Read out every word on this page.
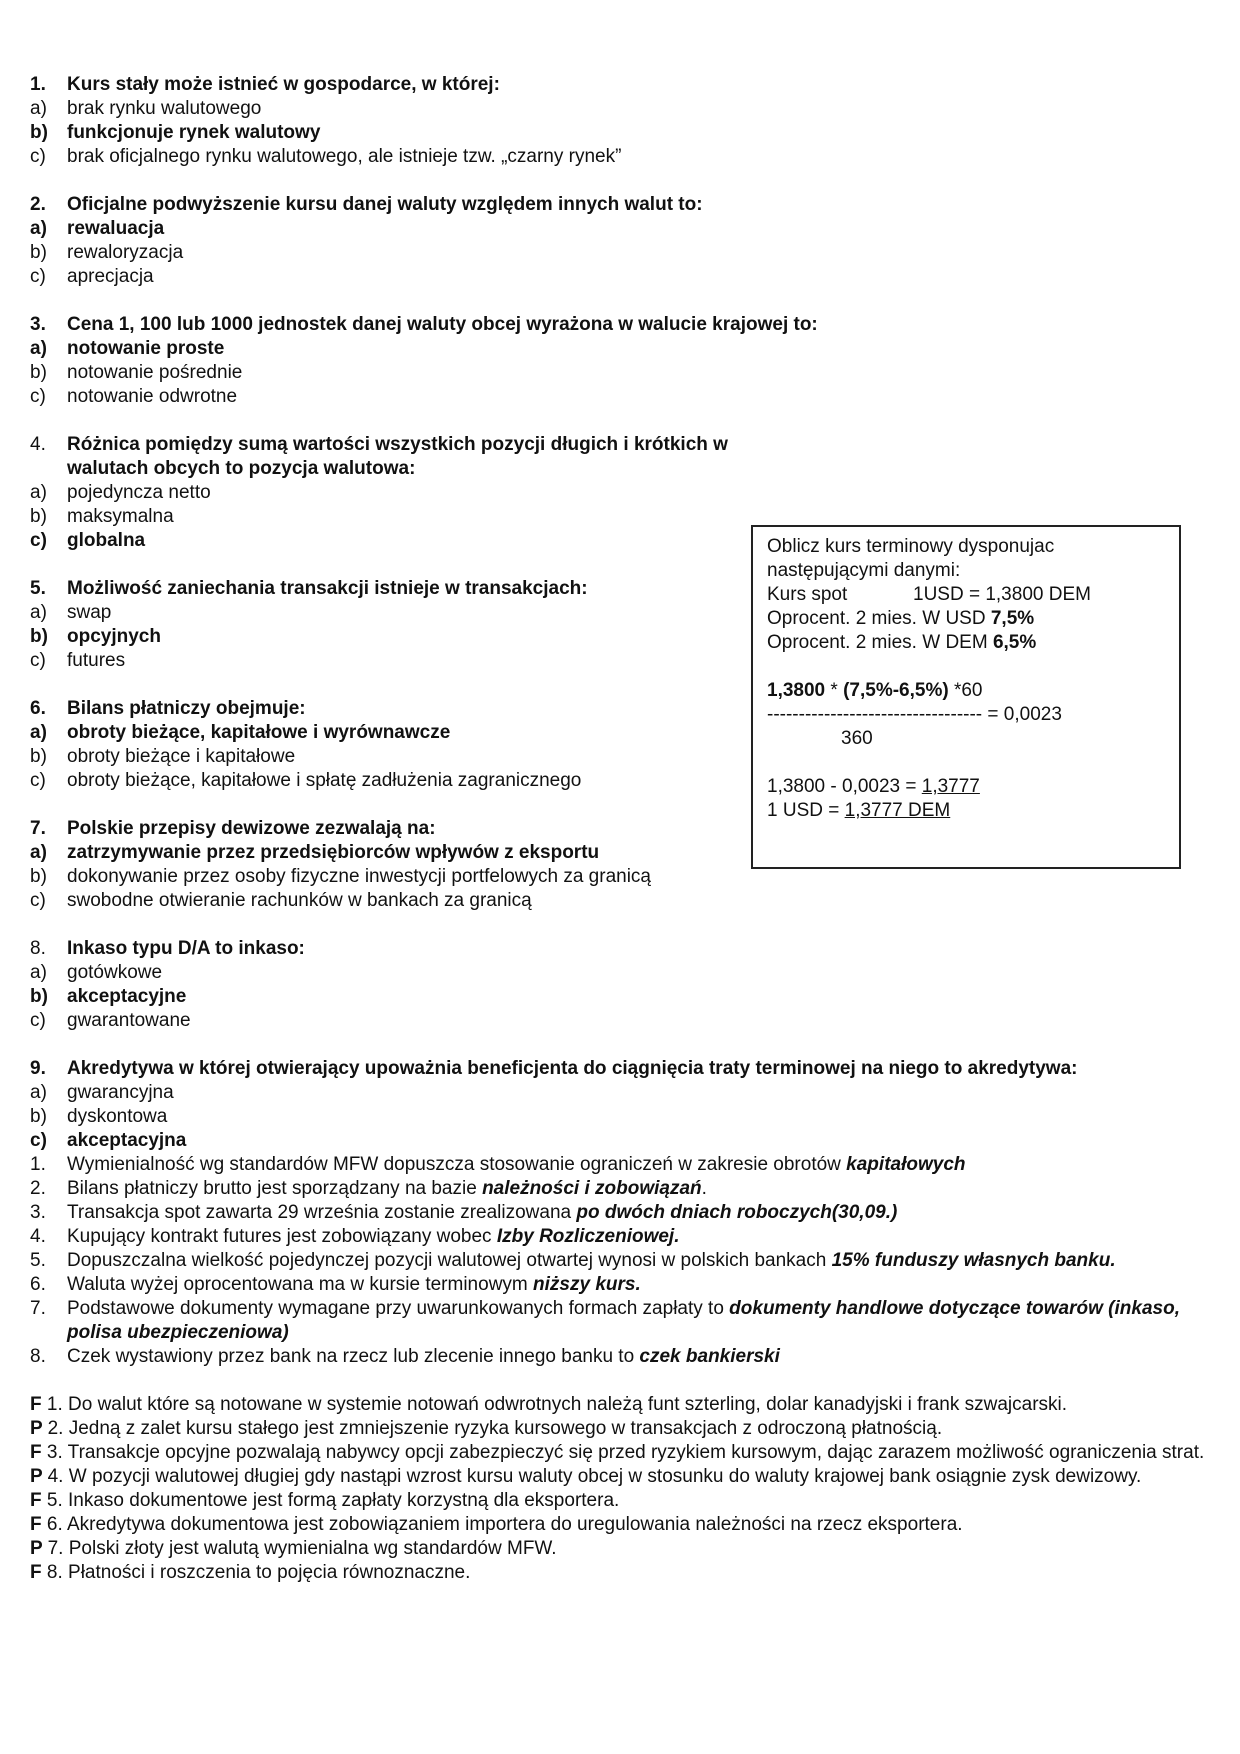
1.	Kurs stały może istnieć w gospodarce, w której:
a)	brak rynku walutowego
b)	funkcjonuje rynek walutowy
c)	brak oficjalnego rynku walutowego, ale istnieje tzw. „czarny rynek”
2.	Oficjalne podwyższenie kursu danej waluty względem innych walut to:
a)	rewaluacja
b)	rewaloryzacja
c)	aprecjacja
3.	Cena 1, 100 lub 1000 jednostek danej waluty obcej wyrażona w walucie krajowej to:
a)	notowanie proste
b)	notowanie pośrednie
c)	notowanie odwrotne
4.	Różnica pomiędzy sumą wartości wszystkich pozycji długich i krótkich w walutach obcych to pozycja walutowa:
a)	pojedyncza netto
b)	maksymalna
c)	globalna
5.	Możliwość zaniechania transakcji istnieje w transakcjach:
a)	swap
b)	opcyjnych
c)	futures
6.	Bilans płatniczy obejmuje:
a)	obroty bieżące, kapitałowe i wyrównawcze
b)	obroty bieżące i kapitałowe
c)	obroty bieżące, kapitałowe i spłatę zadłużenia zagranicznego
7.	Polskie przepisy dewizowe zezwalają na:
a)	zatrzymywanie przez przedsiębiorców wpływów z eksportu
b)	dokonywanie przez osoby fizyczne inwestycji portfelowych za granicą
c)	swobodne otwieranie rachunków w bankach za granicą
8.	Inkaso typu D/A to inkaso:
a)	gotówkowe
b)	akceptacyjne
c)	gwarantowane
9.	Akredytywa w której otwierający upoważnia beneficjenta do ciągnięcia traty terminowej na niego to akredytywa:
a)	gwarancyjna
b)	dyskontowa
c)	akceptacyjna
1.	Wymienialność wg standardów MFW dopuszcza stosowanie ograniczeń w zakresie obrotów kapitałowych
2.	Bilans płatniczy brutto jest sporządzany na bazie należności i zobowiązań.
3.	Transakcja spot zawarta 29 września zostanie zrealizowana po dwóch dniach roboczych(30,09.)
4.	Kupujący kontrakt futures jest zobowiązany wobec Izby Rozliczeniowej.
5.	Dopuszczalna wielkość pojedynczej pozycji walutowej otwartej wynosi w polskich bankach 15% funduszy własnych banku.
6.	Waluta wyżej oprocentowana ma w kursie terminowym niższy kurs.
7.	Podstawowe dokumenty wymagane przy uwarunkowanych formach zapłaty to dokumenty handlowe dotyczące towarów (inkaso, polisa ubezpieczeniowa)
8.	Czek wystawiony przez bank na rzecz lub zlecenie innego banku to czek bankierski
F 1. Do walut które są notowane w systemie notowań odwrotnych należą funt szterling, dolar kanadyjski i frank szwajcarski.
P 2. Jedną z zalet kursu stałego jest zmniejszenie ryzyka kursowego w transakcjach z odroczoną płatnością.
F 3. Transakcje opcyjne pozwalają nabywcy opcji zabezpieczyć się przed ryzykiem kursowym, dając zarazem możliwość ograniczenia strat.
P 4. W pozycji walutowej długiej gdy nastąpi wzrost kursu waluty obcej w stosunku do waluty krajowej bank osiągnie zysk dewizowy.
F 5. Inkaso dokumentowe jest formą zapłaty korzystną dla eksportera.
F 6. Akredytywa dokumentowa jest zobowiązaniem importera do uregulowania należności na rzecz eksportera.
P 7. Polski złoty jest walutą wymienialna wg standardów MFW.
F 8. Płatności i roszczenia to pojęcia równoznaczne.
Oblicz kurs terminowy dysponujac
następującymi danymi:
Kurs spot	1USD = 1,3800 DEM
Oprocent. 2 mies. W USD 7,5%
Oprocent. 2 mies. W DEM 6,5%
1,3800 * (7,5%-6,5%) *60
---------------------------------- = 0,0023
360
1,3800 - 0,0023 = 1,3777
1 USD = 1,3777 DEM
